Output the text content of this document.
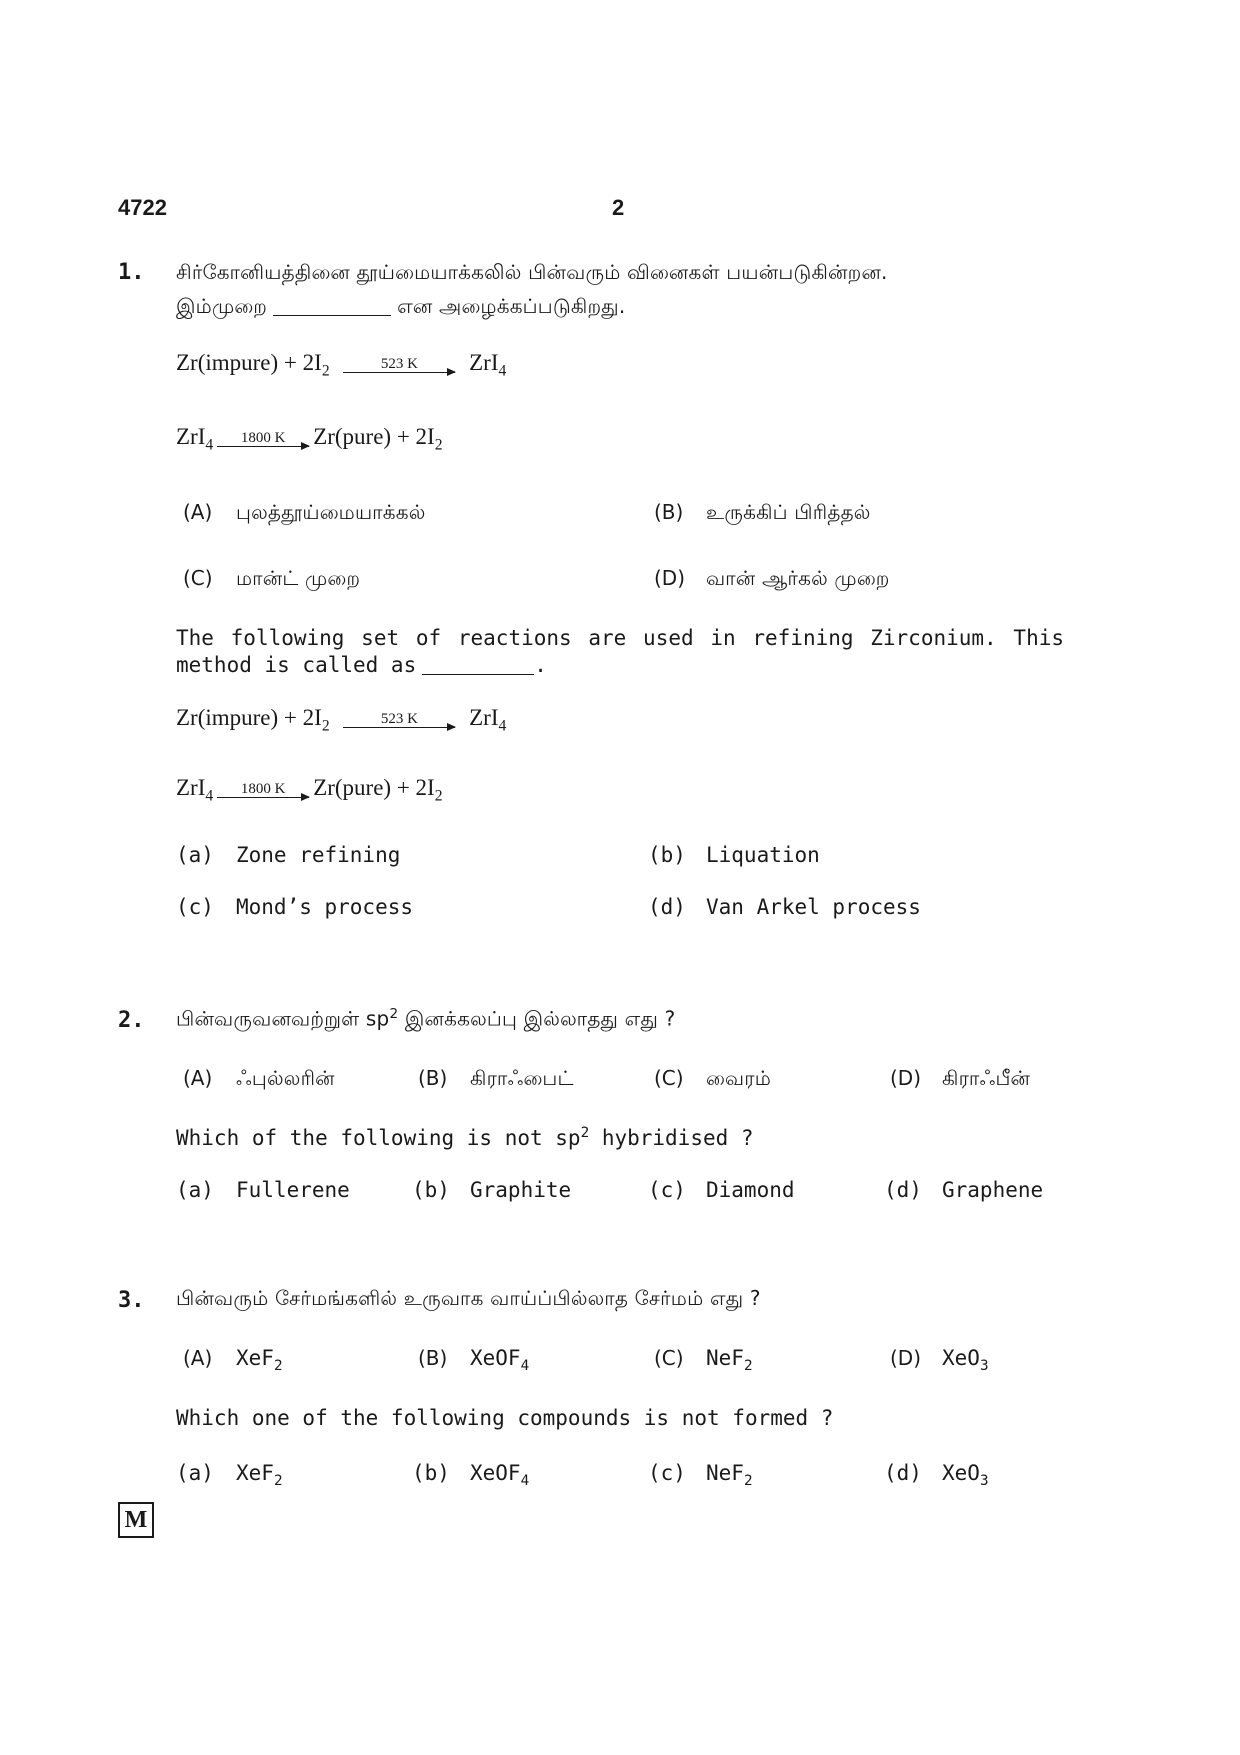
4722	2
1. சிர்கோனியத்தினை தூய்மையாக்கலில் பின்வரும் வினைகள் பயன்படுகின்றன.
இம்முறை	என அழைக்கப்படுகிறது.
Zr(impure) + $2I_2$	523 K	ZrI$_4$
ZrI$_4$	1800 K	Zr(pure) + $2I_2$
(A) புலத்தூய்மையாக்கல்	(B) உருக்கிப் பிரித்தல்
(C) மான்ட் முறை	(D) வான் ஆர்கல் முறை
The following set of reactions are used in refining Zirconium. This method is called as	.
Zr(impure) + $2I_2$	523 K	ZrI$_4$
ZrI$_4$	1800 K	Zr(pure) + $2I_2$
(a) Zone refining	(b) Liquation
(c) Mond’s process	(d) Van Arkel process
2. பின்வருவனவற்றுள் $sp^2$ இனக்கலப்பு இல்லாதது எது ?
(A) ஃபுல்லரின்	(B) கிராஃபைட்	(C) வைரம்	(D) கிராஃபீன்
Which of the following is not $sp^2$ hybridised ?
(a) Fullerene	(b) Graphite	(c) Diamond	(d) Graphene
3. பின்வரும் சேர்மங்களில் உருவாக வாய்ப்பில்லாத சேர்மம் எது ?
(A) XeF$_2$	(B) XeOF$_4$	(C) NeF$_2$	(D) XeO$_3$
Which one of the following compounds is not formed ?
(a) XeF$_2$	(b) XeOF$_4$	(c) NeF$_2$	(d) XeO$_3$
M
